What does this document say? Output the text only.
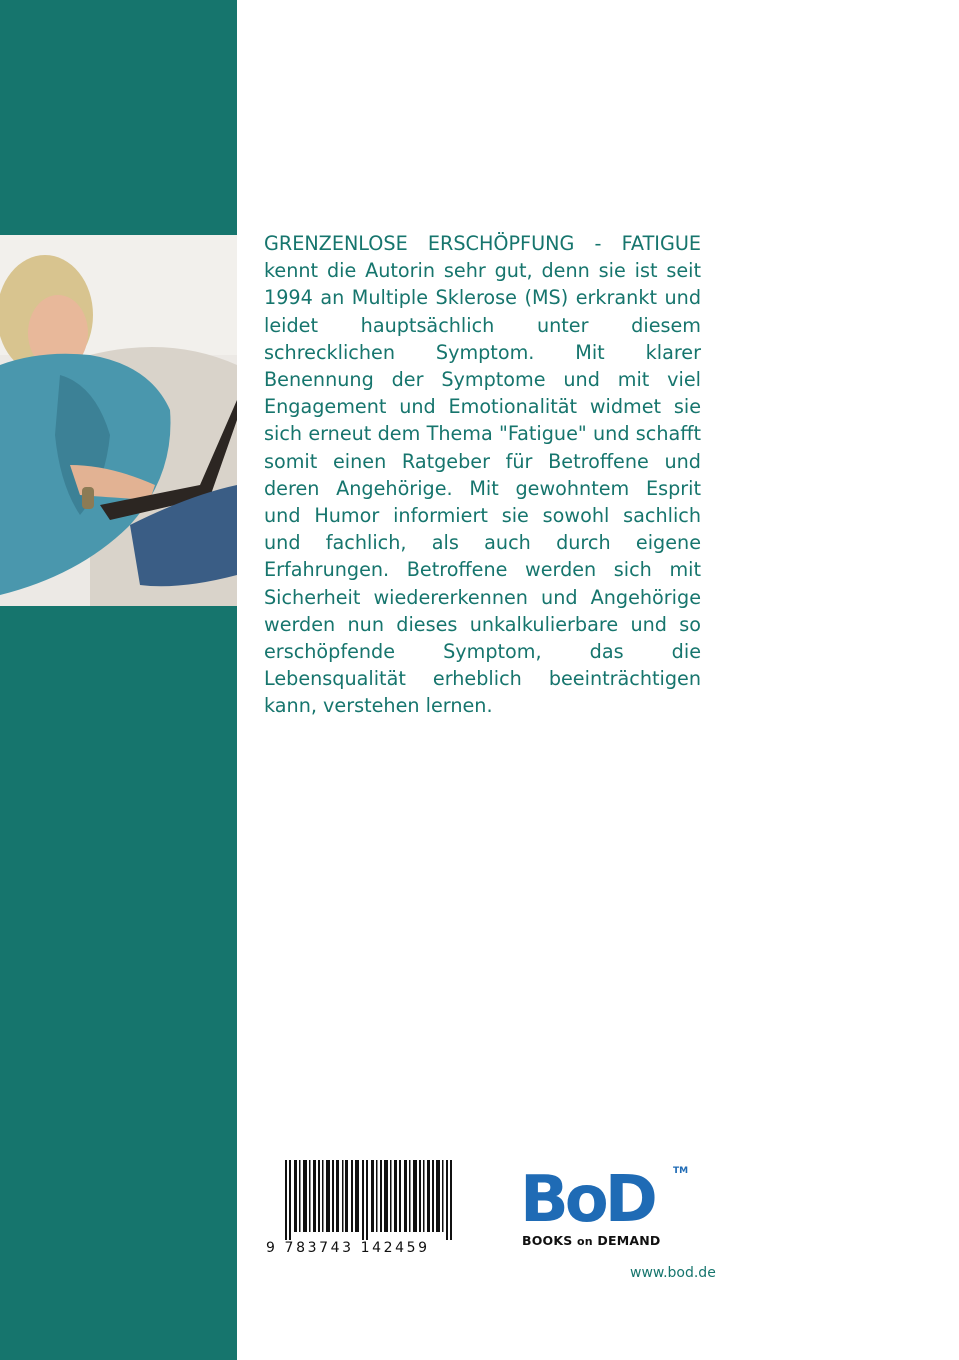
GRENZENLOSE ERSCHÖPFUNG - FATIGUE kennt die Autorin sehr gut, denn sie ist seit 1994 an Multiple Sklerose (MS) erkrankt und leidet hauptsächlich unter diesem schrecklichen Symptom. Mit klarer Benennung der Symptome und mit viel Engagement und Emotionalität widmet sie sich erneut dem Thema "Fatigue" und schafft somit einen Ratgeber für Betroffene und deren Angehörige. Mit gewohntem Esprit und Humor informiert sie sowohl sachlich und fachlich, als auch durch eigene Erfahrungen. Betroffene werden sich mit Sicherheit wiedererkennen und Angehörige werden nun dieses unkalkulierbare und so erschöpfende Symptom, das die Lebensqualität erheblich beeinträchtigen kann, verstehen lernen.

9 783743 142459
BoD	TM
BOOKS on DEMAND
www.bod.de
